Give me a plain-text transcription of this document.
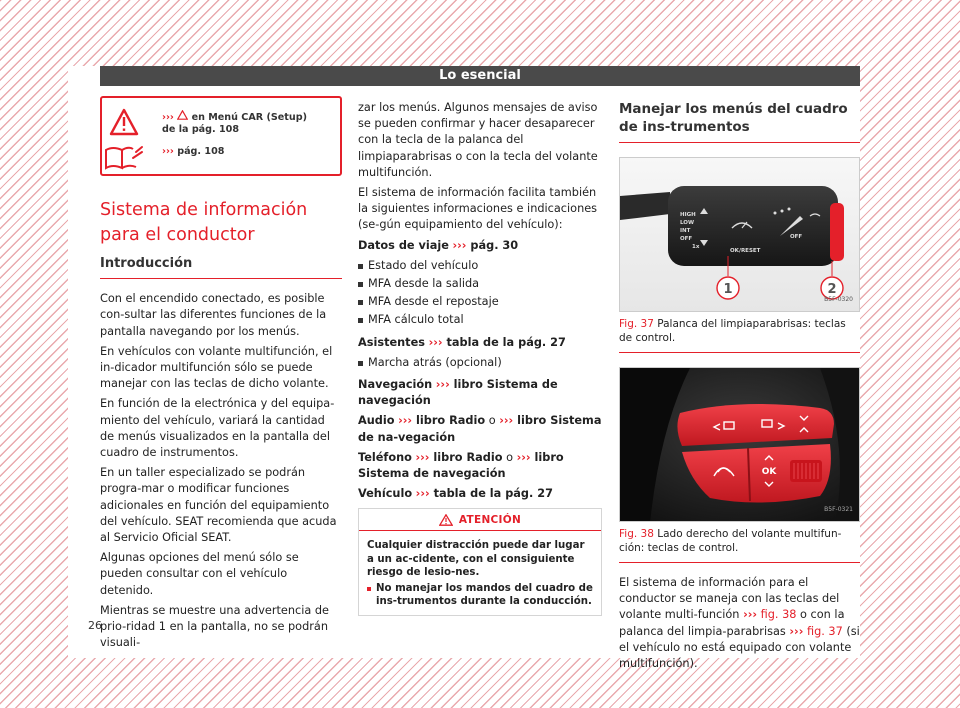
Lo esencial
›››  en Menú CAR (Setup) de la pág. 108
››› pág. 108
Sistema de información para el conductor
Introducción

Con el encendido conectado, es posible con-sultar las diferentes funciones de la pantalla navegando por los menús.

En vehículos con volante multifunción, el in-dicador multifunción sólo se puede manejar con las teclas de dicho volante.

En función de la electrónica y del equipa-miento del vehículo, variará la cantidad de menús visualizados en la pantalla del cuadro de instrumentos.

En un taller especializado se podrán progra-mar o modificar funciones adicionales en función del equipamiento del vehículo. SEAT recomienda que acuda al Servicio Oficial SEAT.

Algunas opciones del menú sólo se pueden consultar con el vehículo detenido.

Mientras se muestre una advertencia de prio-ridad 1 en la pantalla, no se podrán visuali-

zar los menús. Algunos mensajes de aviso se pueden confirmar y hacer desaparecer con la tecla de la palanca del limpiaparabrisas o con la tecla del volante multifunción.

El sistema de información facilita también la siguientes informaciones e indicaciones (se-gún equipamiento del vehículo):

Datos de viaje ››› pág. 30

Estado del vehículo
MFA desde la salida
MFA desde el repostaje
MFA cálculo total

Asistentes ››› tabla de la pág. 27

Marcha atrás (opcional)

Navegación ››› libro Sistema de navegación

Audio ››› libro Radio o ››› libro Sistema de na-vegación

Teléfono ››› libro Radio o ››› libro Sistema de navegación

Vehículo ››› tabla de la pág. 27

ATENCIÓN
Cualquier distracción puede dar lugar a un ac-cidente, con el consiguiente riesgo de lesio-nes.
No manejar los mandos del cuadro de ins-trumentos durante la conducción.
Manejar los menús del cuadro de ins-trumentos
HIGH
LOW
INT
OFF
1x
OK/RESET
OFF
1	2
B5F-0320
Fig. 37 Palanca del limpiaparabrisas: teclas de control.
OK
B5F-0321
Fig. 38 Lado derecho del volante multifun-ción: teclas de control.

El sistema de información para el conductor se maneja con las teclas del volante multi-función ››› fig. 38 o con la palanca del limpia-parabrisas ››› fig. 37 (si el vehículo no está equipado con volante multifunción).

26
